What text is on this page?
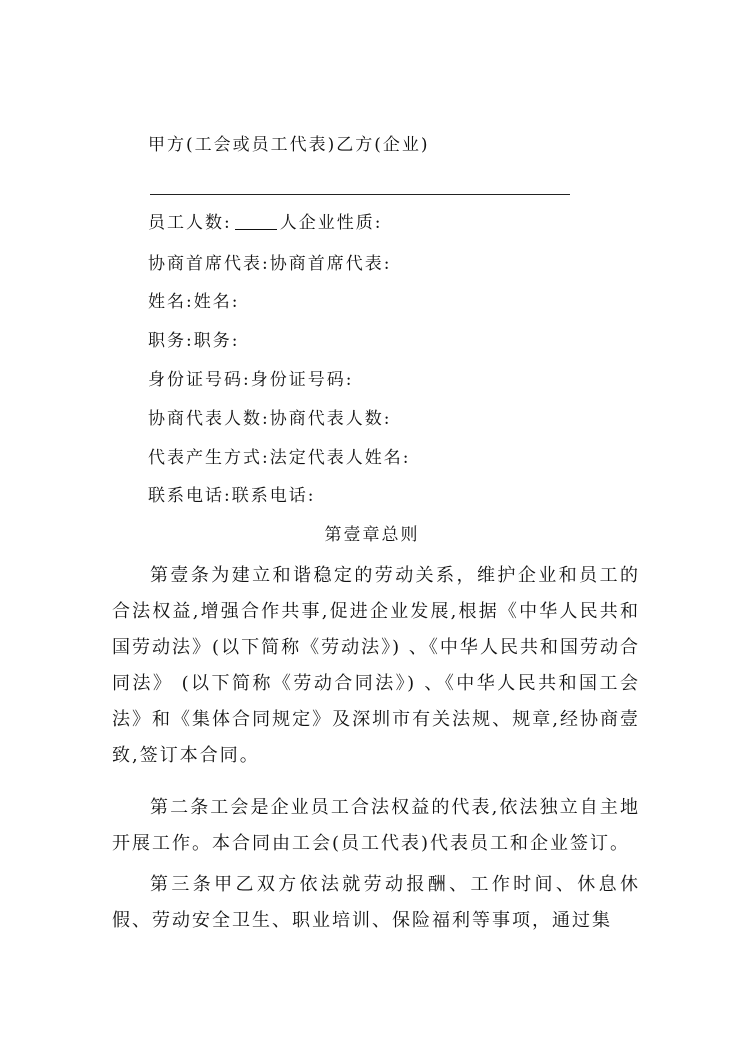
甲方(工会或员工代表)乙方(企业)
员工人数:	人企业性质:
协商首席代表:协商首席代表:
姓名:姓名:
职务:职务:
身份证号码:身份证号码:
协商代表人数:协商代表人数:
代表产生方式:法定代表人姓名:
联系电话:联系电话:
第壹章总则

第壹条为建立和谐稳定的劳动关系，维护企业和员工的合法权益,增强合作共事,促进企业发展,根据《中华人民共和国劳动法》(以下简称《劳动法》) 、《中华人民共和国劳动合同法》 (以下简称《劳动合同法》) 、《中华人民共和国工会法》和《集体合同规定》及深圳市有关法规、规章,经协商壹致,签订本合同。

第二条工会是企业员工合法权益的代表,依法独立自主地开展工作。本合同由工会(员工代表)代表员工和企业签订。

第三条甲乙双方依法就劳动报酬、工作时间、休息休假、劳动安全卫生、职业培训、保险福利等事项，通过集
